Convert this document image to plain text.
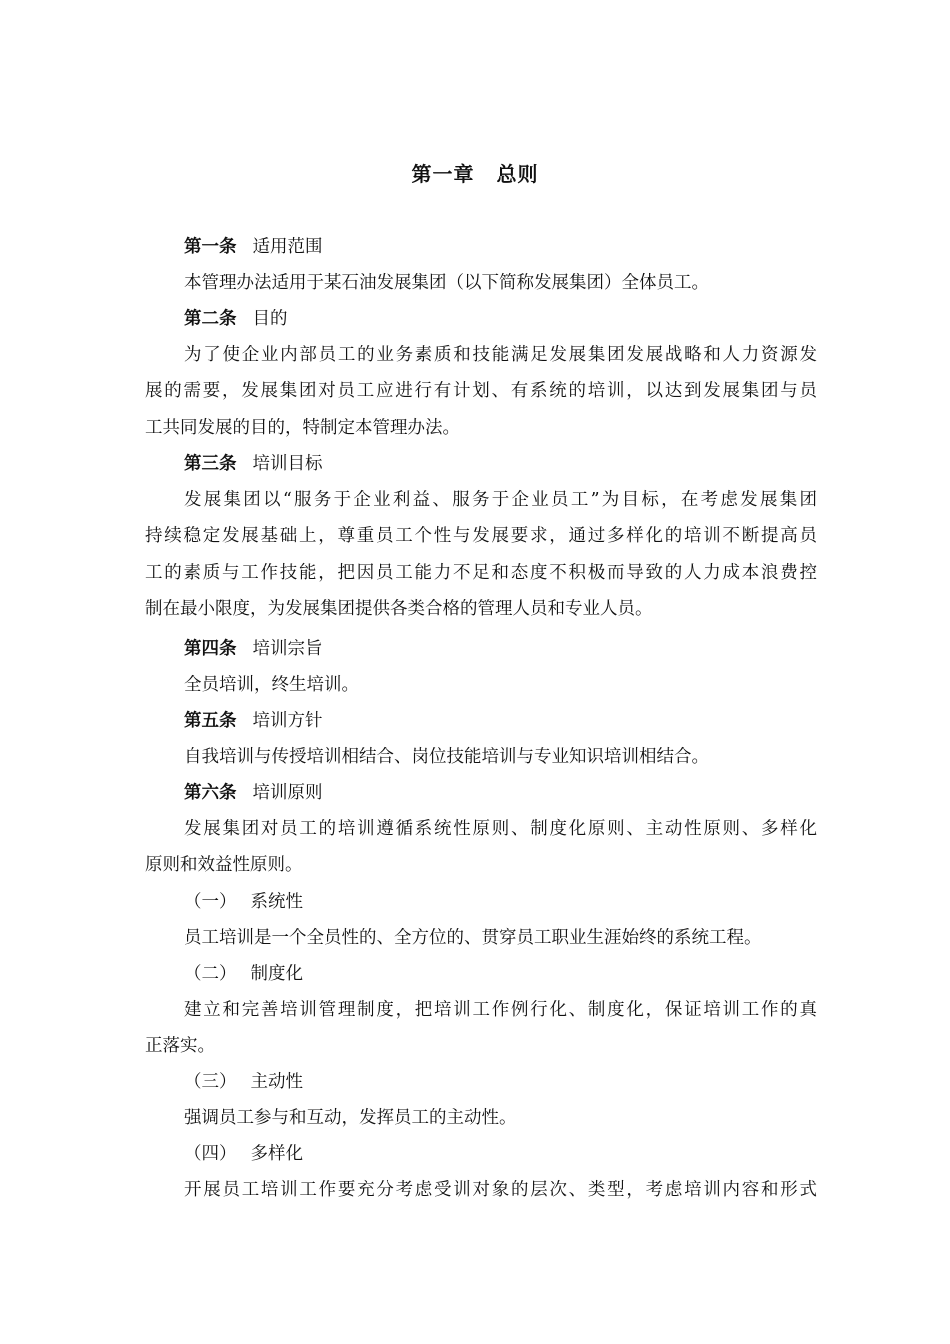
第一章 总则
第一条 适用范围
本管理办法适用于某石油发展集团（以下简称发展集团）全体员工。
第二条 目的
为了使企业内部员工的业务素质和技能满足发展集团发展战略和人力资源发
展的需要，发展集团对员工应进行有计划、有系统的培训，以达到发展集团与员
工共同发展的目的，特制定本管理办法。
第三条 培训目标
发展集团以“服务于企业利益、服务于企业员工”为目标，在考虑发展集团
持续稳定发展基础上，尊重员工个性与发展要求，通过多样化的培训不断提高员
工的素质与工作技能，把因员工能力不足和态度不积极而导致的人力成本浪费控
制在最小限度，为发展集团提供各类合格的管理人员和专业人员。
第四条 培训宗旨
全员培训，终生培训。
第五条 培训方针
自我培训与传授培训相结合、岗位技能培训与专业知识培训相结合。
第六条 培训原则
发展集团对员工的培训遵循系统性原则、制度化原则、主动性原则、多样化
原则和效益性原则。
（一） 系统性
员工培训是一个全员性的、全方位的、贯穿员工职业生涯始终的系统工程。
（二） 制度化
建立和完善培训管理制度，把培训工作例行化、制度化，保证培训工作的真
正落实。
（三） 主动性
强调员工参与和互动，发挥员工的主动性。
（四） 多样化
开展员工培训工作要充分考虑受训对象的层次、类型，考虑培训内容和形式
